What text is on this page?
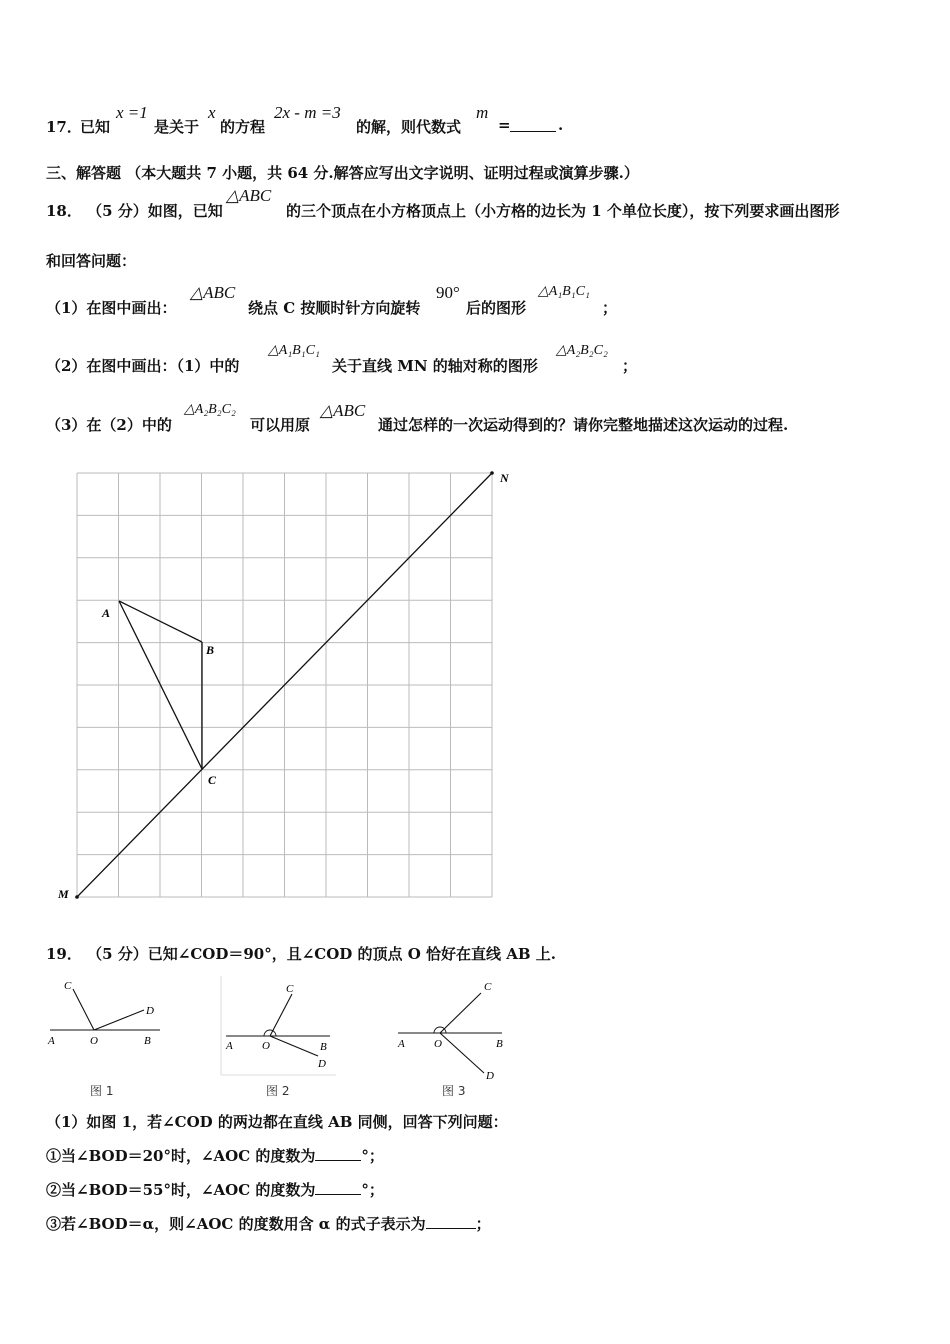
17．
已知
x =1
是关于
x
的方程
2x - m =3
的解，则代数式
m
=	.
三、解答题 （本大题共 7 小题，共 64 分.解答应写出文字说明、证明过程或演算步骤.）
18． （5 分）如图，已知
△ABC
的三个顶点在小方格顶点上（小方格的边长为 1 个单位长度），按下列要求画出图形
和回答问题：
（1）在图中画出：
△ABC
绕点 C 按顺时针方向旋转
90°
后的图形
△A₁B₁C₁
；
（2）在图中画出：（1）中的
△A₁B₁C₁
关于直线 MN 的轴对称的图形
△A₂B₂C₂
；
（3）在（2）中的
△A₂B₂C₂
可以用原
△ABC
通过怎样的一次运动得到的？请你完整地描述这次运动的过程.
A
B
C
M
N
19． （5 分）已知∠COD＝90°，且∠COD 的顶点 O 恰好在直线 AB 上.
C
D
A	O	B
图 1
C
A	O	B
D
图 2
C
A	O	B
D
图 3
（1）如图 1，若∠COD 的两边都在直线 AB 同侧，回答下列问题：
①当∠BOD＝20°时，∠AOC 的度数为	°；
②当∠BOD＝55°时，∠AOC 的度数为	°；
③若∠BOD＝α，则∠AOC 的度数用含 α 的式子表示为	；
